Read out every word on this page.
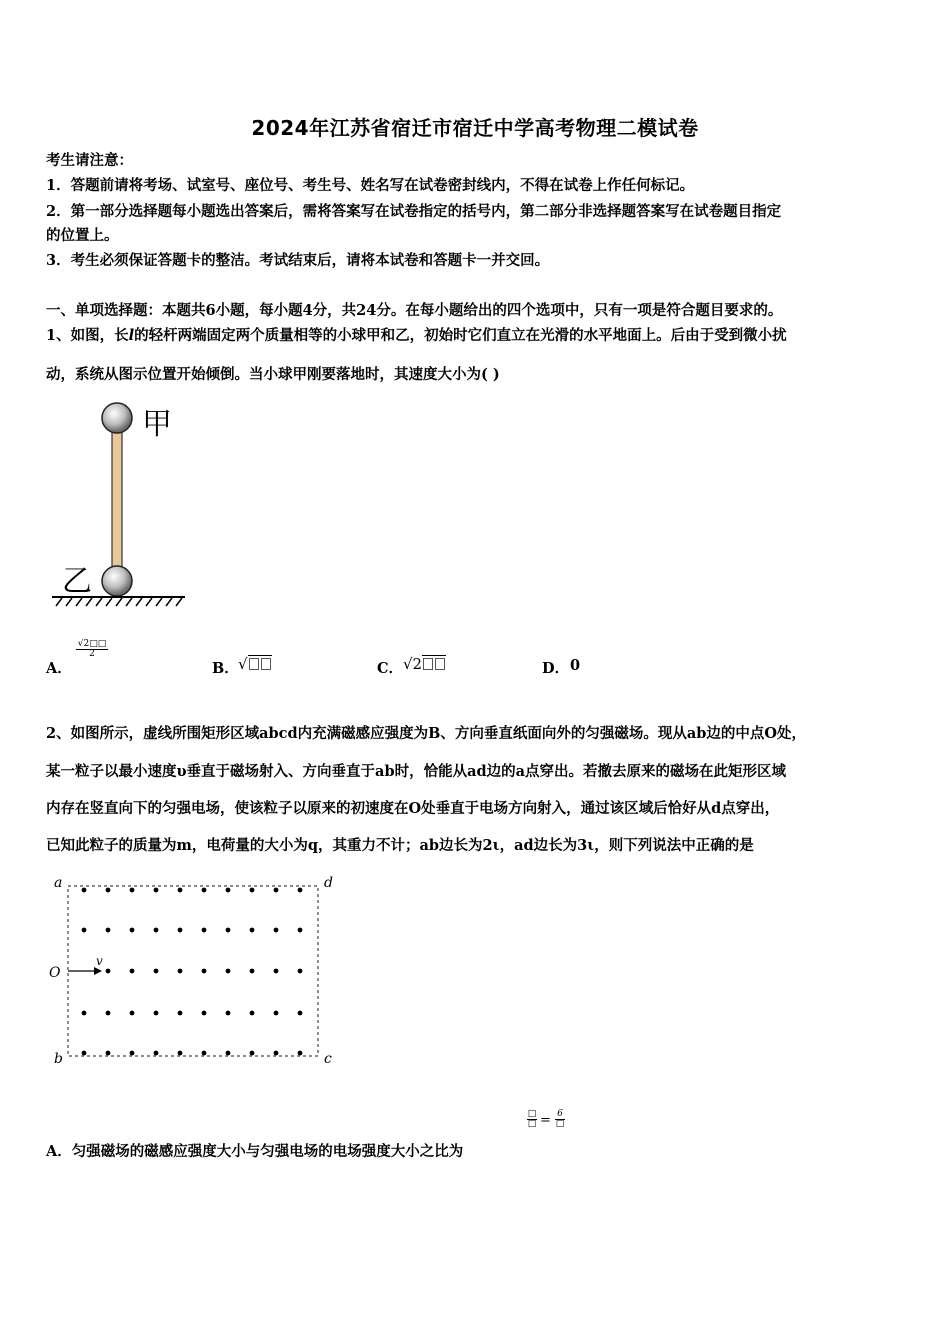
2024年江苏省宿迁市宿迁中学高考物理二模试卷
考生请注意：
1．答题前请将考场、试室号、座位号、考生号、姓名写在试卷密封线内，不得在试卷上作任何标记。
2．第一部分选择题每小题选出答案后，需将答案写在试卷指定的括号内，第二部分非选择题答案写在试卷题目指定
的位置上。
3．考生必须保证答题卡的整洁。考试结束后，请将本试卷和答题卡一并交回。
一、单项选择题：本题共6小题，每小题4分，共24分。在每小题给出的四个选项中，只有一项是符合题目要求的。
1、如图，长l的轻杆两端固定两个质量相等的小球甲和乙，初始时它们直立在光滑的水平地面上。后由于受到微小扰
动，系统从图示位置开始倾倒。当小球甲刚要落地时，其速度大小为( )
甲
乙
A．
$\frac{√2□□}{2}$
B． √	C． √2	D． 0
2、如图所示，虚线所围矩形区域abcd内充满磁感应强度为B、方向垂直纸面向外的匀强磁场。现从ab边的中点O处，
某一粒子以最小速度υ垂直于磁场射入、方向垂直于ab时，恰能从ad边的a点穿出。若撤去原来的磁场在此矩形区域
内存在竖直向下的匀强电场，使该粒子以原来的初速度在O处垂直于电场方向射入，通过该区域后恰好从d点穿出，
已知此粒子的质量为m，电荷量的大小为q，其重力不计；ab边长为2ι，ad边长为3ι，则下列说法中正确的是
v
a	d
O
b	c
A．匀强磁场的磁感应强度大小与匀强电场的电场强度大小之比为
□
□ = 6
□
